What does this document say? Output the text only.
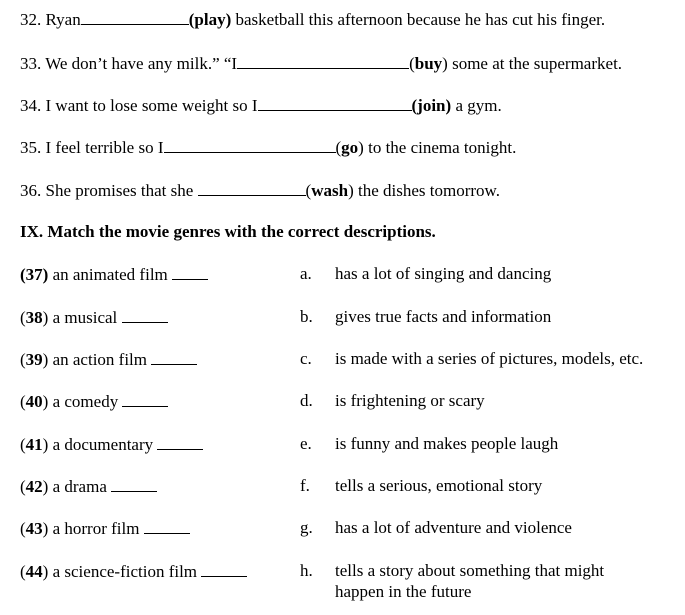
32. Ryan	(play) basketball this afternoon because he has cut his finger.
33. We don’t have any milk.” “I	(buy) some at the supermarket.
34. I want to lose some weight so I	(join) a gym.
35. I feel terrible so I	(go) to the cinema tonight.
36. She promises that she	(wash) the dishes tomorrow.
IX. Match the movie genres with the correct descriptions.
(37) an animated film	a. has a lot of singing and dancing
(38) a musical	b. gives true facts and information
(39) an action film	c. is made with a series of pictures, models, etc.
(40) a comedy	d. is frightening or scary
(41) a documentary	e. is funny and makes people laugh
(42) a drama	f. tells a serious, emotional story
(43) a horror film	g. has a lot of adventure and violence
(44) a science-fiction film	h. tells a story about something that might
happen in the future
